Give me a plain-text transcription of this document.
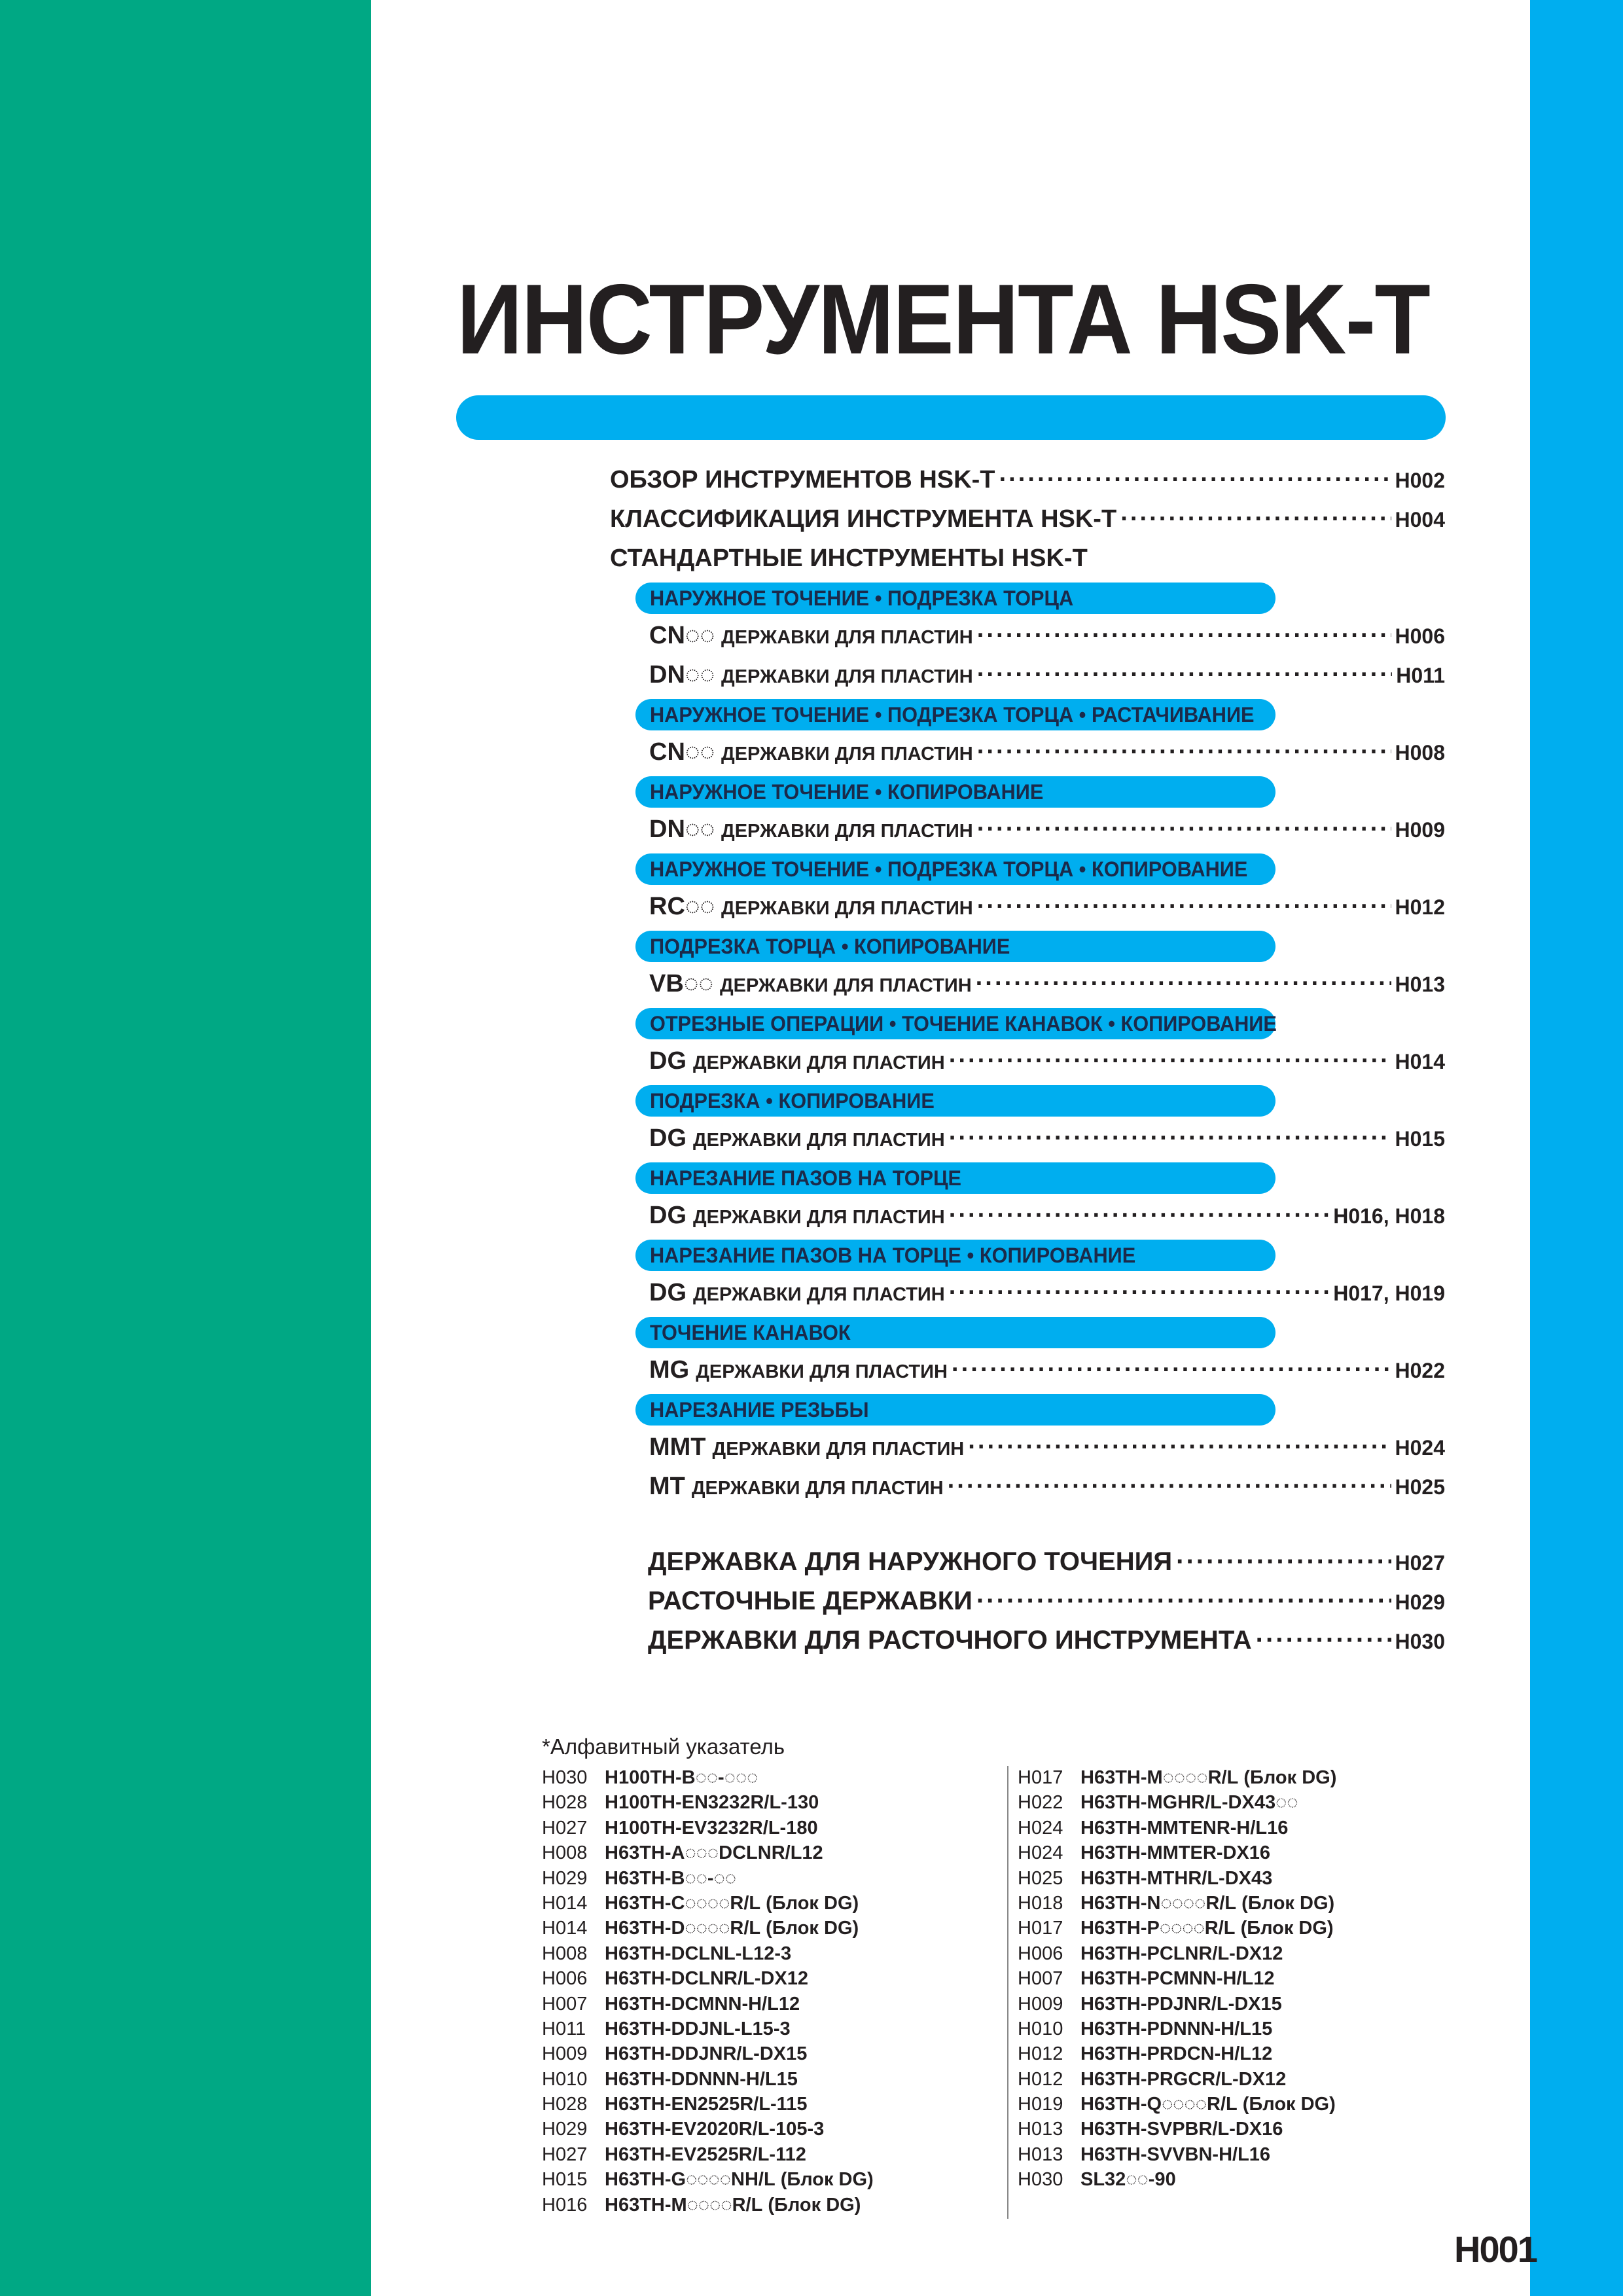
ИНСТРУМЕНТА HSK-T
ОБЗОР ИНСТРУМЕНТОВ HSK-T ·····	H002
КЛАССИФИКАЦИЯ ИНСТРУМЕНТА HSK-T ·····	H004
СТАНДАРТНЫЕ ИНСТРУМЕНТЫ HSK-T
НАРУЖНОЕ ТОЧЕНИЕ • ПОДРЕЗКА ТОРЦА
CN◌◌ ДЕРЖАВКИ ДЛЯ ПЛАСТИН ·····	H006
DN◌◌ ДЕРЖАВКИ ДЛЯ ПЛАСТИН ·····	H011
НАРУЖНОЕ ТОЧЕНИЕ • ПОДРЕЗКА ТОРЦА • РАСТАЧИВАНИЕ
CN◌◌ ДЕРЖАВКИ ДЛЯ ПЛАСТИН ·····	H008
НАРУЖНОЕ ТОЧЕНИЕ • КОПИРОВАНИЕ
DN◌◌ ДЕРЖАВКИ ДЛЯ ПЛАСТИН ·····	H009
НАРУЖНОЕ ТОЧЕНИЕ • ПОДРЕЗКА ТОРЦА • КОПИРОВАНИЕ
RC◌◌ ДЕРЖАВКИ ДЛЯ ПЛАСТИН ·····	H012
ПОДРЕЗКА ТОРЦА • КОПИРОВАНИЕ
VB◌◌ ДЕРЖАВКИ ДЛЯ ПЛАСТИН ·····	H013
ОТРЕЗНЫЕ ОПЕРАЦИИ • ТОЧЕНИЕ КАНАВОК • КОПИРОВАНИЕ
DG ДЕРЖАВКИ ДЛЯ ПЛАСТИН ·····	H014
ПОДРЕЗКА • КОПИРОВАНИЕ
DG ДЕРЖАВКИ ДЛЯ ПЛАСТИН ·····	H015
НАРЕЗАНИЕ ПАЗОВ НА ТОРЦЕ
DG ДЕРЖАВКИ ДЛЯ ПЛАСТИН ·····	H016, H018
НАРЕЗАНИЕ ПАЗОВ НА ТОРЦЕ • КОПИРОВАНИЕ
DG ДЕРЖАВКИ ДЛЯ ПЛАСТИН ·····	H017, H019
ТОЧЕНИЕ КАНАВОК
MG ДЕРЖАВКИ ДЛЯ ПЛАСТИН ·····	H022
НАРЕЗАНИЕ РЕЗЬБЫ
MMT ДЕРЖАВКИ ДЛЯ ПЛАСТИН ·····	H024
MT ДЕРЖАВКИ ДЛЯ ПЛАСТИН ·····	H025
ДЕРЖАВКА ДЛЯ НАРУЖНОГО ТОЧЕНИЯ ·····	H027
РАСТОЧНЫЕ ДЕРЖАВКИ ·····	H029
ДЕРЖАВКИ ДЛЯ РАСТОЧНОГО ИНСТРУМЕНТА ·····	H030
*Алфавитный указатель
H030 H100TH-B◌◌-◌◌◌
H028 H100TH-EN3232R/L-130
H027 H100TH-EV3232R/L-180
H008 H63TH-A◌◌◌DCLNR/L12
H029 H63TH-B◌◌-◌◌
H014 H63TH-C◌◌◌◌R/L (Блок DG)
H014 H63TH-D◌◌◌◌R/L (Блок DG)
H008 H63TH-DCLNL-L12-3
H006 H63TH-DCLNR/L-DX12
H007 H63TH-DCMNN-H/L12
H011 H63TH-DDJNL-L15-3
H009 H63TH-DDJNR/L-DX15
H010 H63TH-DDNNN-H/L15
H028 H63TH-EN2525R/L-115
H029 H63TH-EV2020R/L-105-3
H027 H63TH-EV2525R/L-112
H015 H63TH-G◌◌◌◌NH/L (Блок DG)
H016 H63TH-M◌◌◌◌R/L (Блок DG)
H017 H63TH-M◌◌◌◌R/L (Блок DG)
H022 H63TH-MGHR/L-DX43◌◌
H024 H63TH-MMTENR-H/L16
H024 H63TH-MMTER-DX16
H025 H63TH-MTHR/L-DX43
H018 H63TH-N◌◌◌◌R/L (Блок DG)
H017 H63TH-P◌◌◌◌R/L (Блок DG)
H006 H63TH-PCLNR/L-DX12
H007 H63TH-PCMNN-H/L12
H009 H63TH-PDJNR/L-DX15
H010 H63TH-PDNNN-H/L15
H012 H63TH-PRDCN-H/L12
H012 H63TH-PRGCR/L-DX12
H019 H63TH-Q◌◌◌◌R/L (Блок DG)
H013 H63TH-SVPBR/L-DX16
H013 H63TH-SVVBN-H/L16
H030 SL32◌◌-90
H001
